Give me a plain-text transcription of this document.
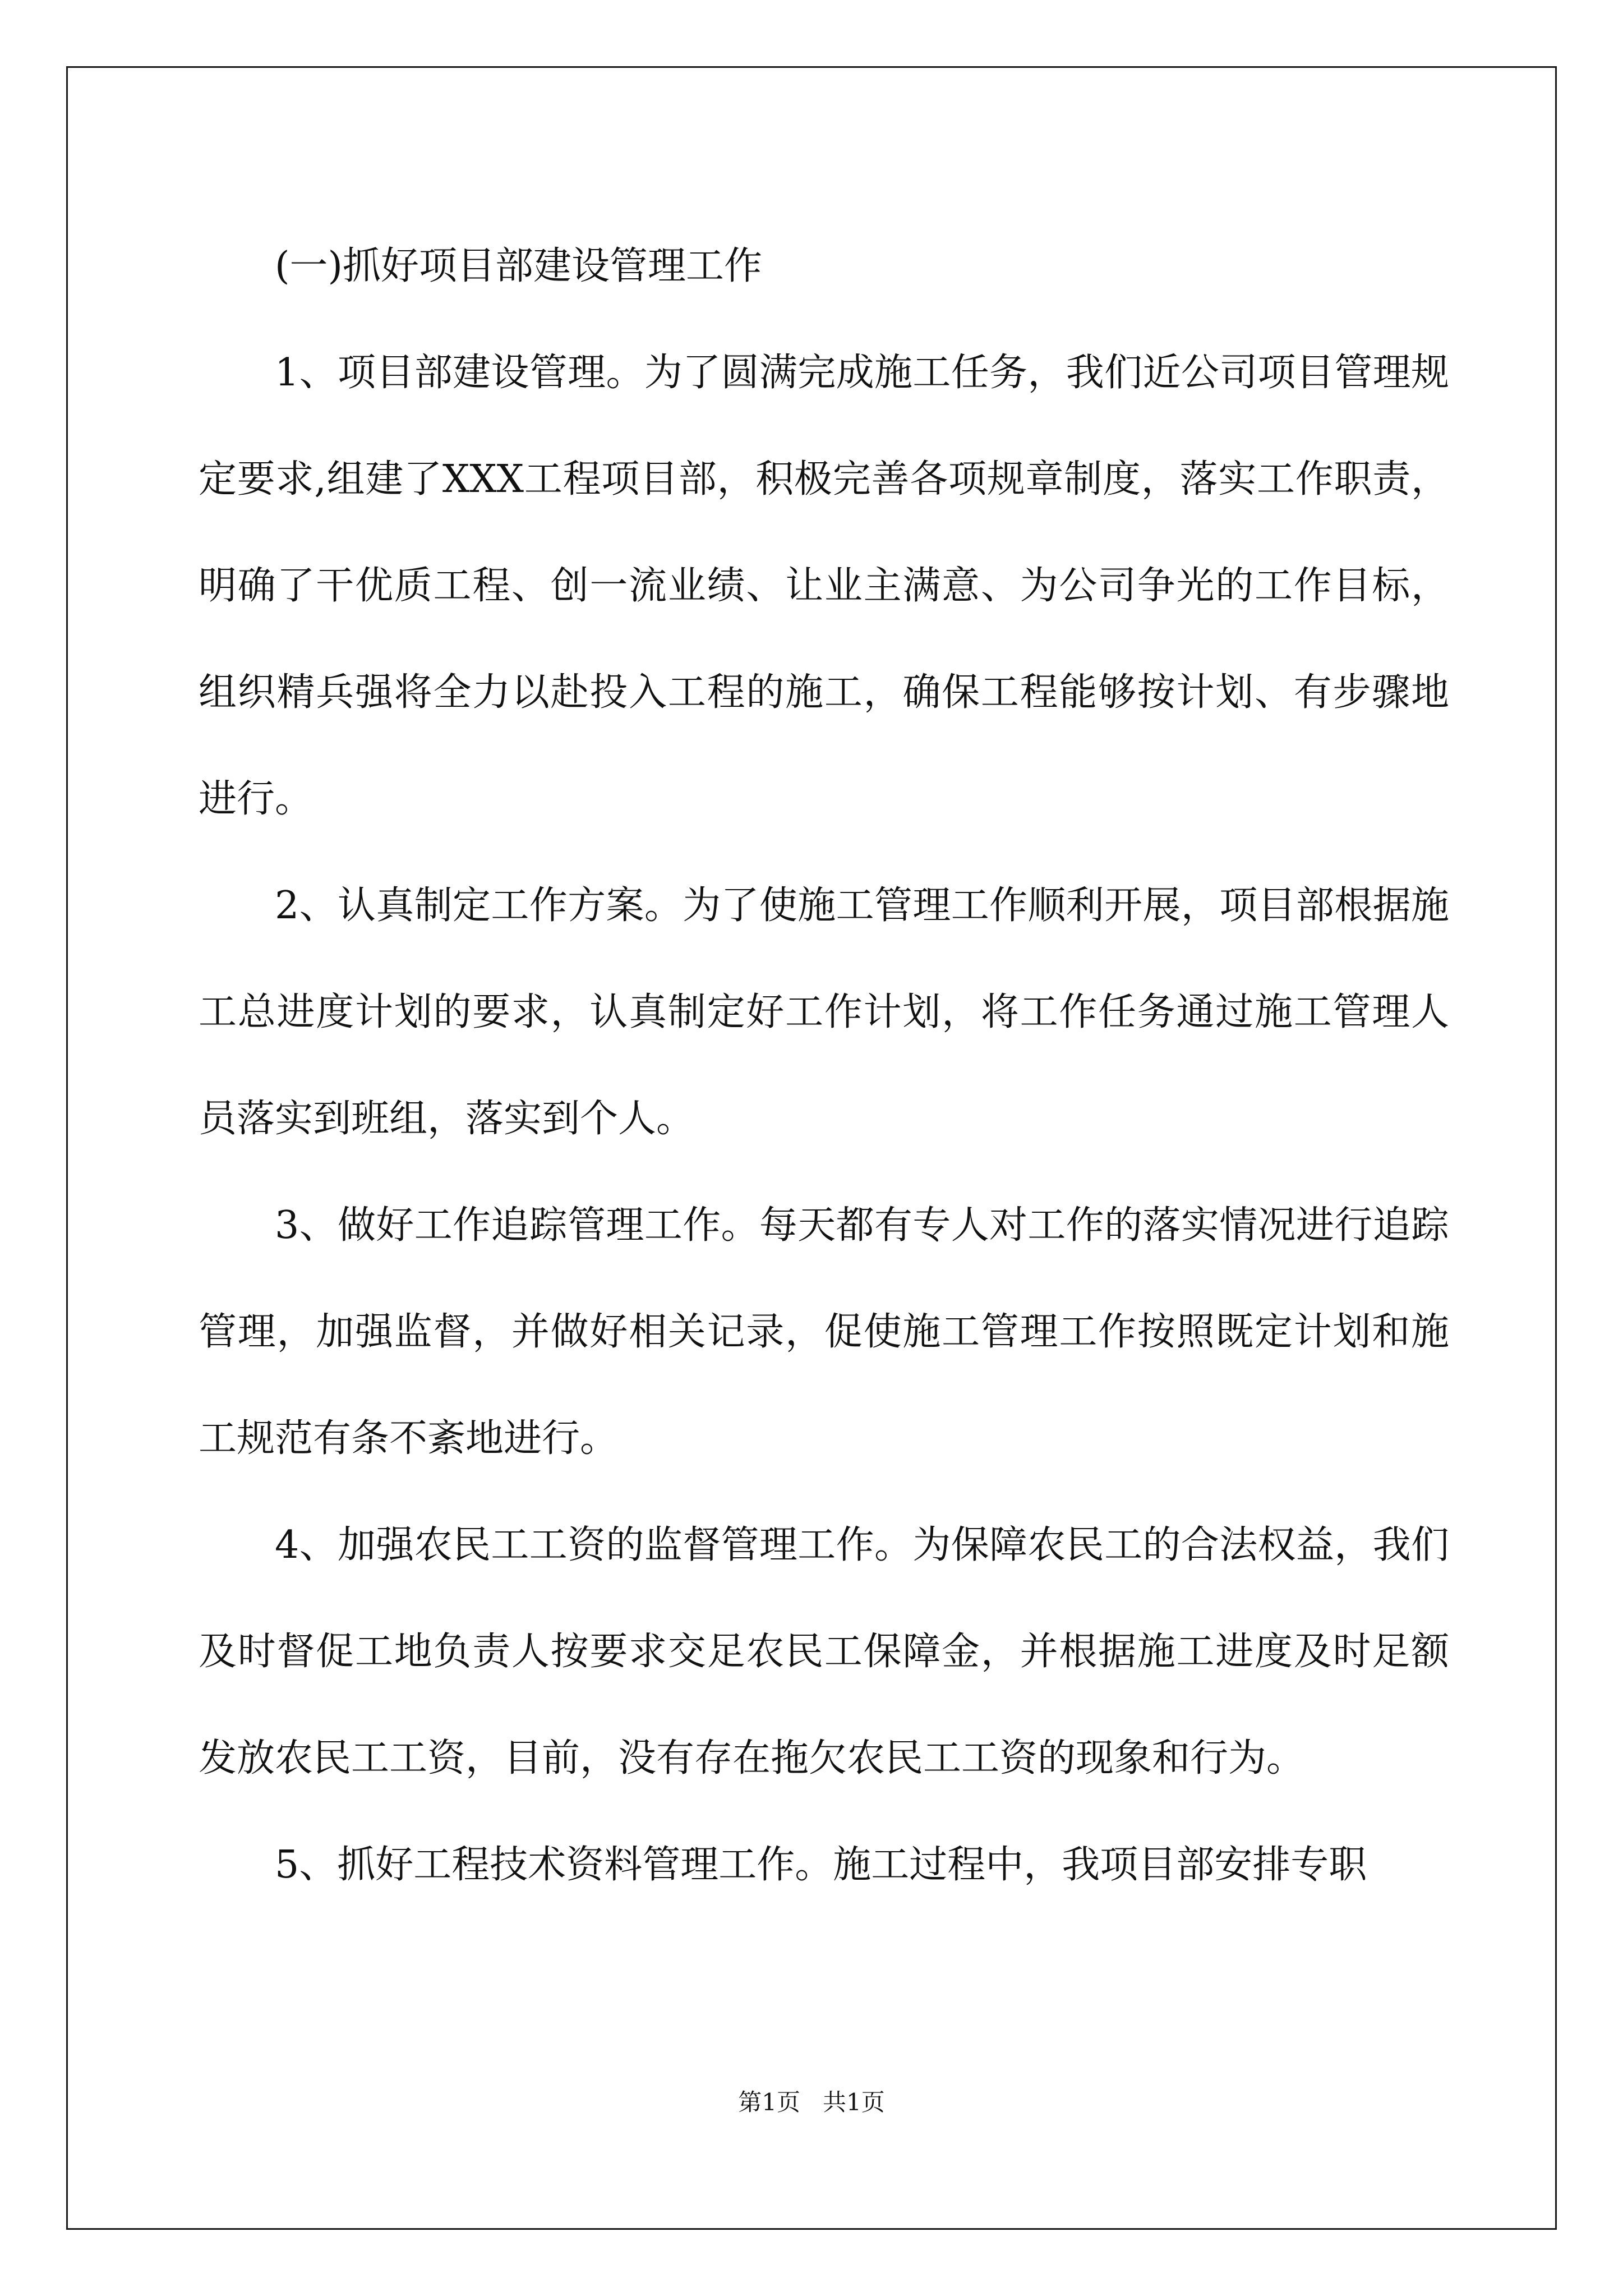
(一)抓好项目部建设管理工作

1、项目部建设管理。为了圆满完成施工任务，我们近公司项目管理规定要求,组建了XXX工程项目部，积极完善各项规章制度，落实工作职责，明确了干优质工程、创一流业绩、让业主满意、为公司争光的工作目标，组织精兵强将全力以赴投入工程的施工，确保工程能够按计划、有步骤地进行。

2、认真制定工作方案。为了使施工管理工作顺利开展，项目部根据施工总进度计划的要求，认真制定好工作计划，将工作任务通过施工管理人员落实到班组，落实到个人。

3、做好工作追踪管理工作。每天都有专人对工作的落实情况进行追踪管理，加强监督，并做好相关记录，促使施工管理工作按照既定计划和施工规范有条不紊地进行。

4、加强农民工工资的监督管理工作。为保障农民工的合法权益，我们及时督促工地负责人按要求交足农民工保障金，并根据施工进度及时足额发放农民工工资，目前，没有存在拖欠农民工工资的现象和行为。

5、抓好工程技术资料管理工作。施工过程中，我项目部安排专职

第1页   共1页
